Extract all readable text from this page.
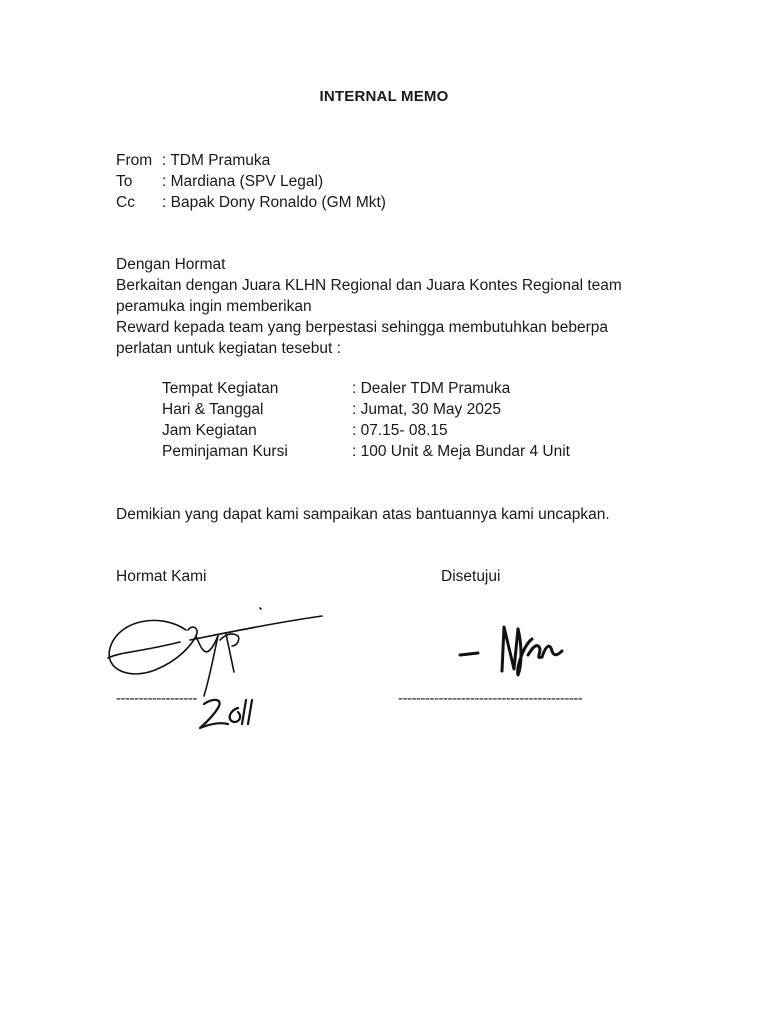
INTERNAL MEMO
From : TDM Pramuka
To	: Mardiana (SPV Legal)
Cc	: Bapak Dony Ronaldo (GM Mkt)
Dengan Hormat
Berkaitan dengan Juara KLHN Regional dan Juara Kontes Regional team
peramuka ingin memberikan
Reward kepada team yang berpestasi sehingga membutuhkan beberpa
perlatan untuk kegiatan tesebut :
Tempat Kegiatan	: Dealer TDM Pramuka
Hari & Tanggal	: Jumat, 30 May 2025
Jam Kegiatan	: 07.15- 08.15
Peminjaman Kursi	: 100 Unit & Meja Bundar 4 Unit
Demikian yang dapat kami sampaikan atas bantuannya kami uncapkan.
Hormat Kami	Disetujui
------------------	-----------------------------------------
